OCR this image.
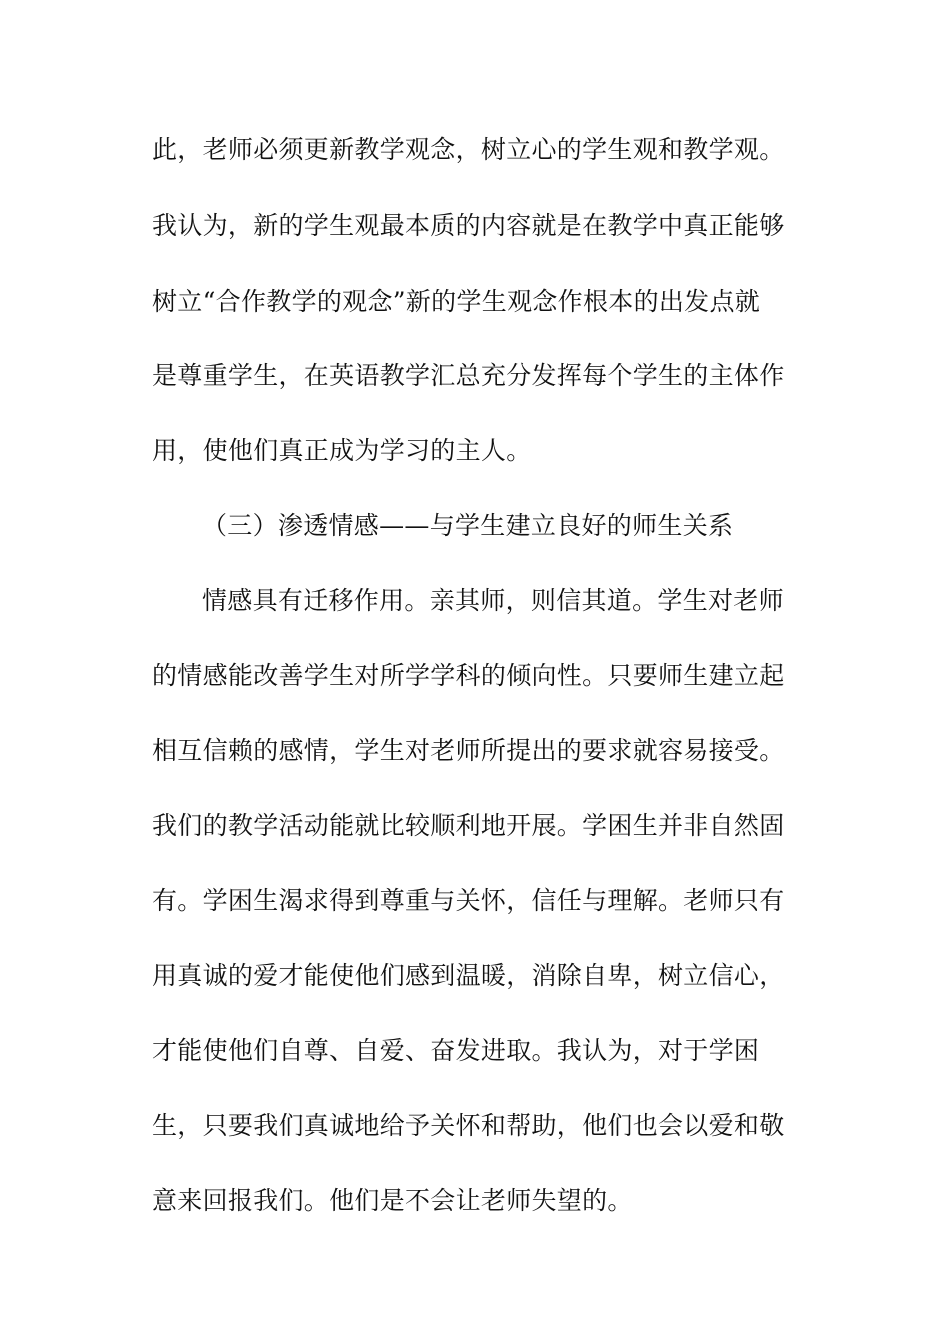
此，老师必须更新教学观念，树立心的学生观和教学观。
我认为，新的学生观最本质的内容就是在教学中真正能够
树立“合作教学的观念”新的学生观念作根本的出发点就
是尊重学生，在英语教学汇总充分发挥每个学生的主体作
用，使他们真正成为学习的主人。
（三）渗透情感——与学生建立良好的师生关系
情感具有迁移作用。亲其师，则信其道。学生对老师
的情感能改善学生对所学学科的倾向性。只要师生建立起
相互信赖的感情，学生对老师所提出的要求就容易接受。
我们的教学活动能就比较顺利地开展。学困生并非自然固
有。学困生渴求得到尊重与关怀，信任与理解。老师只有
用真诚的爱才能使他们感到温暖，消除自卑，树立信心，
才能使他们自尊、自爱、奋发进取。我认为，对于学困
生，只要我们真诚地给予关怀和帮助，他们也会以爱和敬
意来回报我们。他们是不会让老师失望的。
